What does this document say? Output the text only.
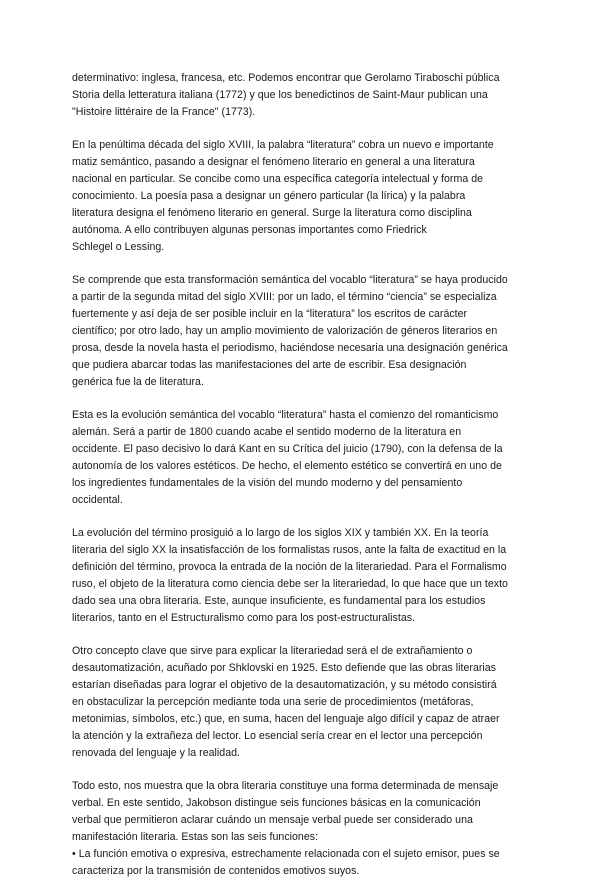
determinativo: inglesa, francesa, etc. Podemos encontrar que Gerolamo Tiraboschi pública
Storia della letteratura italiana (1772) y que los benedictinos de Saint-Maur publican una
"Histoire littéraire de la France" (1773).

En la penúltima década del siglo XVIII, la palabra “literatura” cobra un nuevo e importante
matiz semántico, pasando a designar el fenómeno literario en general a una literatura
nacional en particular. Se concibe como una específica categoría intelectual y forma de
conocimiento. La poesía pasa a designar un género particular (la lírica) y la palabra
literatura designa el fenómeno literario en general. Surge la literatura como disciplina
autónoma. A ello contribuyen algunas personas importantes como Friedrick
Schlegel o Lessing.

Se comprende que esta transformación semántica del vocablo “literatura” se haya producido
a partir de la segunda mitad del siglo XVIII: por un lado, el término “ciencia” se especializa
fuertemente y así deja de ser posible incluir en la “literatura” los escritos de carácter
científico; por otro lado, hay un amplio movimiento de valorización de géneros literarios en
prosa, desde la novela hasta el periodismo, haciéndose necesaria una designación genérica
que pudiera abarcar todas las manifestaciones del arte de escribir. Esa designación
genérica fue la de literatura.

Esta es la evolución semántica del vocablo “literatura” hasta el comienzo del romanticismo
alemán. Será a partir de 1800 cuando acabe el sentido moderno de la literatura en
occidente. El paso decisivo lo dará Kant en su Crítica del juicio (1790), con la defensa de la
autonomía de los valores estéticos. De hecho, el elemento estético se convertirá en uno de
los ingredientes fundamentales de la visión del mundo moderno y del pensamiento
occidental.

La evolución del término prosiguió a lo largo de los siglos XIX y también XX. En la teoría
literaria del siglo XX la insatisfacción de los formalistas rusos, ante la falta de exactitud en la
definición del término, provoca la entrada de la noción de la literariedad. Para el Formalismo
ruso, el objeto de la literatura como ciencia debe ser la literariedad, lo que hace que un texto
dado sea una obra literaria. Este, aunque insuficiente, es fundamental para los estudios
literarios, tanto en el Estructuralismo como para los post-estructuralistas.

Otro concepto clave que sirve para explicar la literariedad será el de extrañamiento o
desautomatización, acuñado por Shklovski en 1925. Esto defiende que las obras literarias
estarían diseñadas para lograr el objetivo de la desautomatización, y su método consistirá
en obstaculizar la percepción mediante toda una serie de procedimientos (metáforas,
metonimias, símbolos, etc.) que, en suma, hacen del lenguaje algo difícil y capaz de atraer
la atención y la extrañeza del lector. Lo esencial sería crear en el lector una percepción
renovada del lenguaje y la realidad.

Todo esto, nos muestra que la obra literaria constituye una forma determinada de mensaje
verbal. En este sentido, Jakobson distingue seis funciones básicas en la comunicación
verbal que permitieron aclarar cuándo un mensaje verbal puede ser considerado una
manifestación literaria. Estas son las seis funciones:
• La función emotiva o expresiva, estrechamente relacionada con el sujeto emisor, pues se
caracteriza por la transmisión de contenidos emotivos suyos.
